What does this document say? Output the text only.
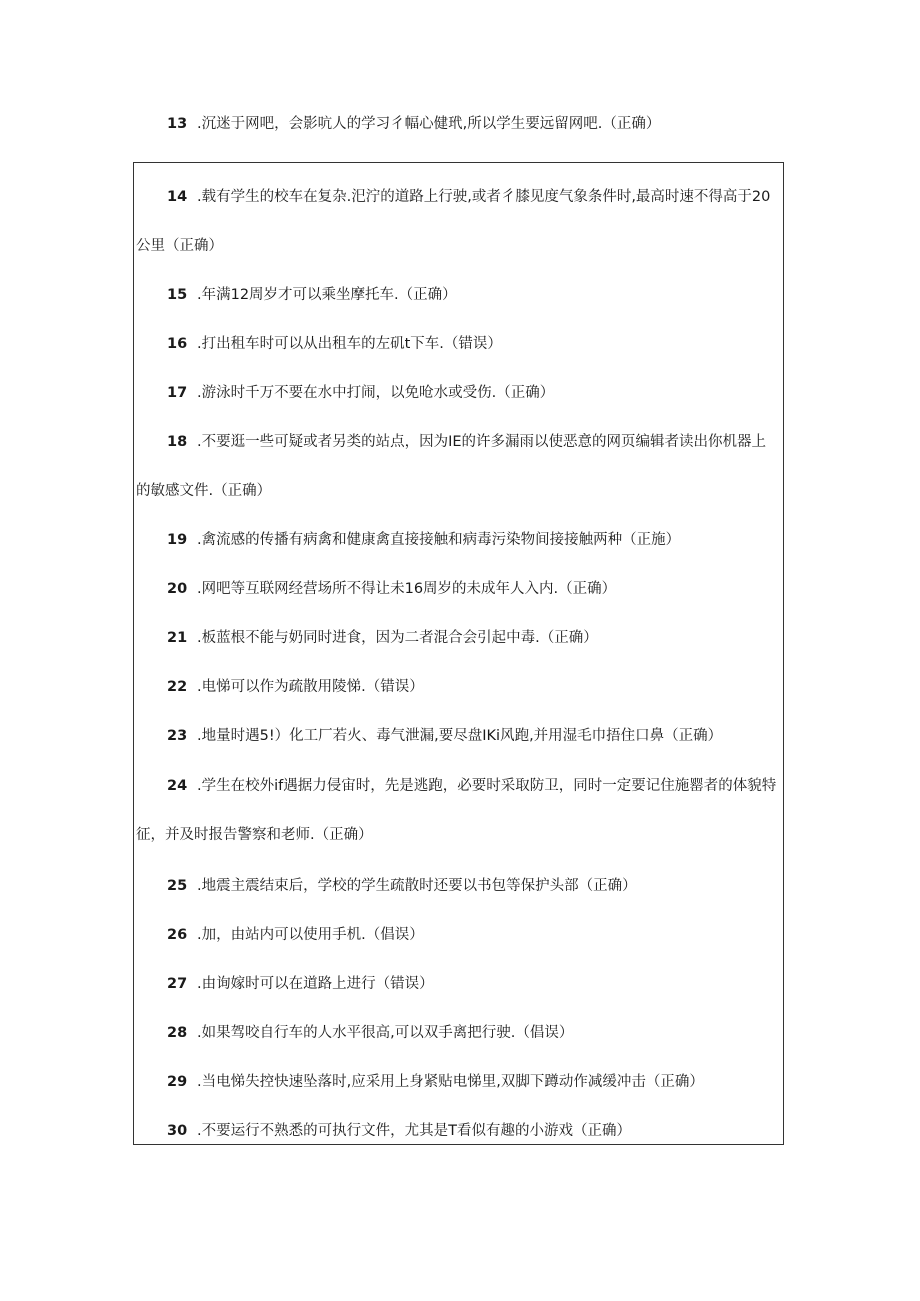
13 .沉迷于网吧，会影吭人的学习彳幅心健玳,所以学生要远留网吧.（正确）
14 .载有学生的校车在复杂.汜泞的道路上行驶,或者彳膝见度气象条件时,最高时速不得高于20
公里（正确）
15 .年满12周岁才可以乘坐摩托车.（正确）
16 .打出租车时可以从出租车的左矶t下车.（错误）
17 .游泳时千万不要在水中打闹，以免呛水或受伤.（正确）
18 .不要逛一些可疑或者另类的站点，因为IE的许多漏雨以使恶意的网页编辑者读出你机器上
的敏感文件.（正确）
19 .禽流感的传播有病禽和健康禽直接接触和病毒污染物间接接触两种（正施）
20 .网吧等互联网经营场所不得让未16周岁的未成年人入内.（正确）
21 .板蓝根不能与奶同时进食，因为二者混合会引起中毒.（正确）
22 .电悌可以作为疏散用陵悌.（错误）
23 .地量时遇5!）化工厂若火、毒气泄漏,要尽盘IKi风跑,并用湿毛巾捂住口鼻（正确）
24 .学生在校外if遇据力侵宙时，先是逃跑，必要时采取防卫，同时一定要记住施罂者的体貌特
征，并及时报告警察和老师.（正确）
25 .地震主震结束后，学校的学生疏散时还要以书包等保护头部（正确）
26 .加，由站内可以使用手机.（倡误）
27 .由询嫁时可以在道路上进行（错误）
28 .如果驾咬自行车的人水平很高,可以双手离把行驶.（倡误）
29 .当电悌失控快速坠落时,应采用上身紧贴电悌里,双脚下蹲动作减缓冲击（正确）
30 .不要运行不熟悉的可执行文件，尤其是T看似有趣的小游戏（正确）
